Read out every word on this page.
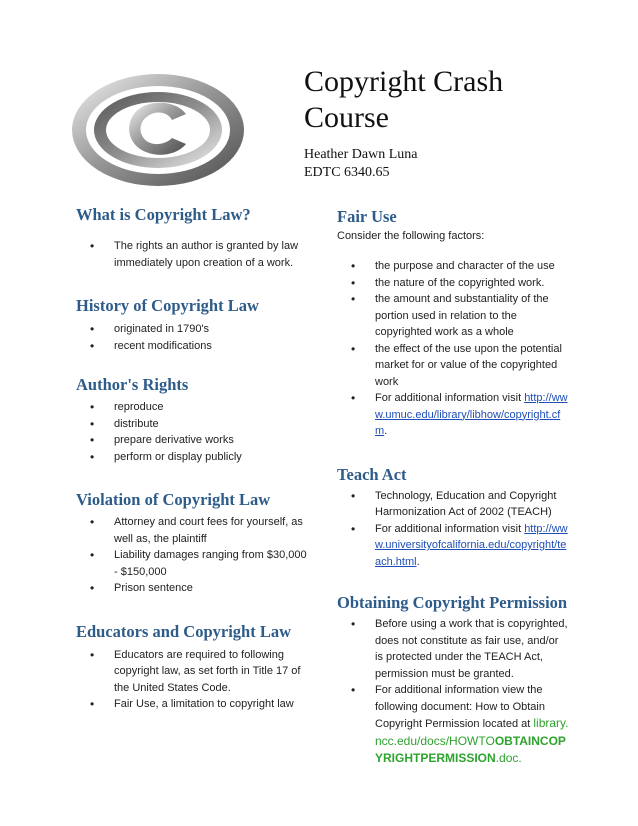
Copyright Crash
Course
Heather Dawn Luna
EDTC 6340.65
What is Copyright Law?
• The rights an author is granted by law immediately upon creation of a work.
History of Copyright Law
• originated in 1790's
• recent modifications
Author's Rights
• reproduce
• distribute
• prepare derivative works
• perform or display publicly
Violation of Copyright Law
• Attorney and court fees for yourself, as well as, the plaintiff
• Liability damages ranging from $30,000 - $150,000
• Prison sentence
Educators and Copyright Law
• Educators are required to following copyright law, as set forth in Title 17 of the United States Code.
• Fair Use, a limitation to copyright law
Fair Use

Consider the following factors:

• the purpose and character of the use
• the nature of the copyrighted work.
• the amount and substantiality of the portion used in relation to the copyrighted work as a whole
• the effect of the use upon the potential market for or value of the copyrighted work
• For additional information visit http://www.umuc.edu/library/libhow/copyright.cfm.
Teach Act
• Technology, Education and Copyright Harmonization Act of 2002 (TEACH)
• For additional information visit http://www.universityofcalifornia.edu/copyright/teach.html.
Obtaining Copyright Permission
• Before using a work that is copyrighted, does not constitute as fair use, and/or is protected under the TEACH Act, permission must be granted.
• For additional information view the following document: How to Obtain Copyright Permission located at library.ncc.edu/docs/HOWTOOBTAINCOPYRIGHTPERMISSION.doc.
